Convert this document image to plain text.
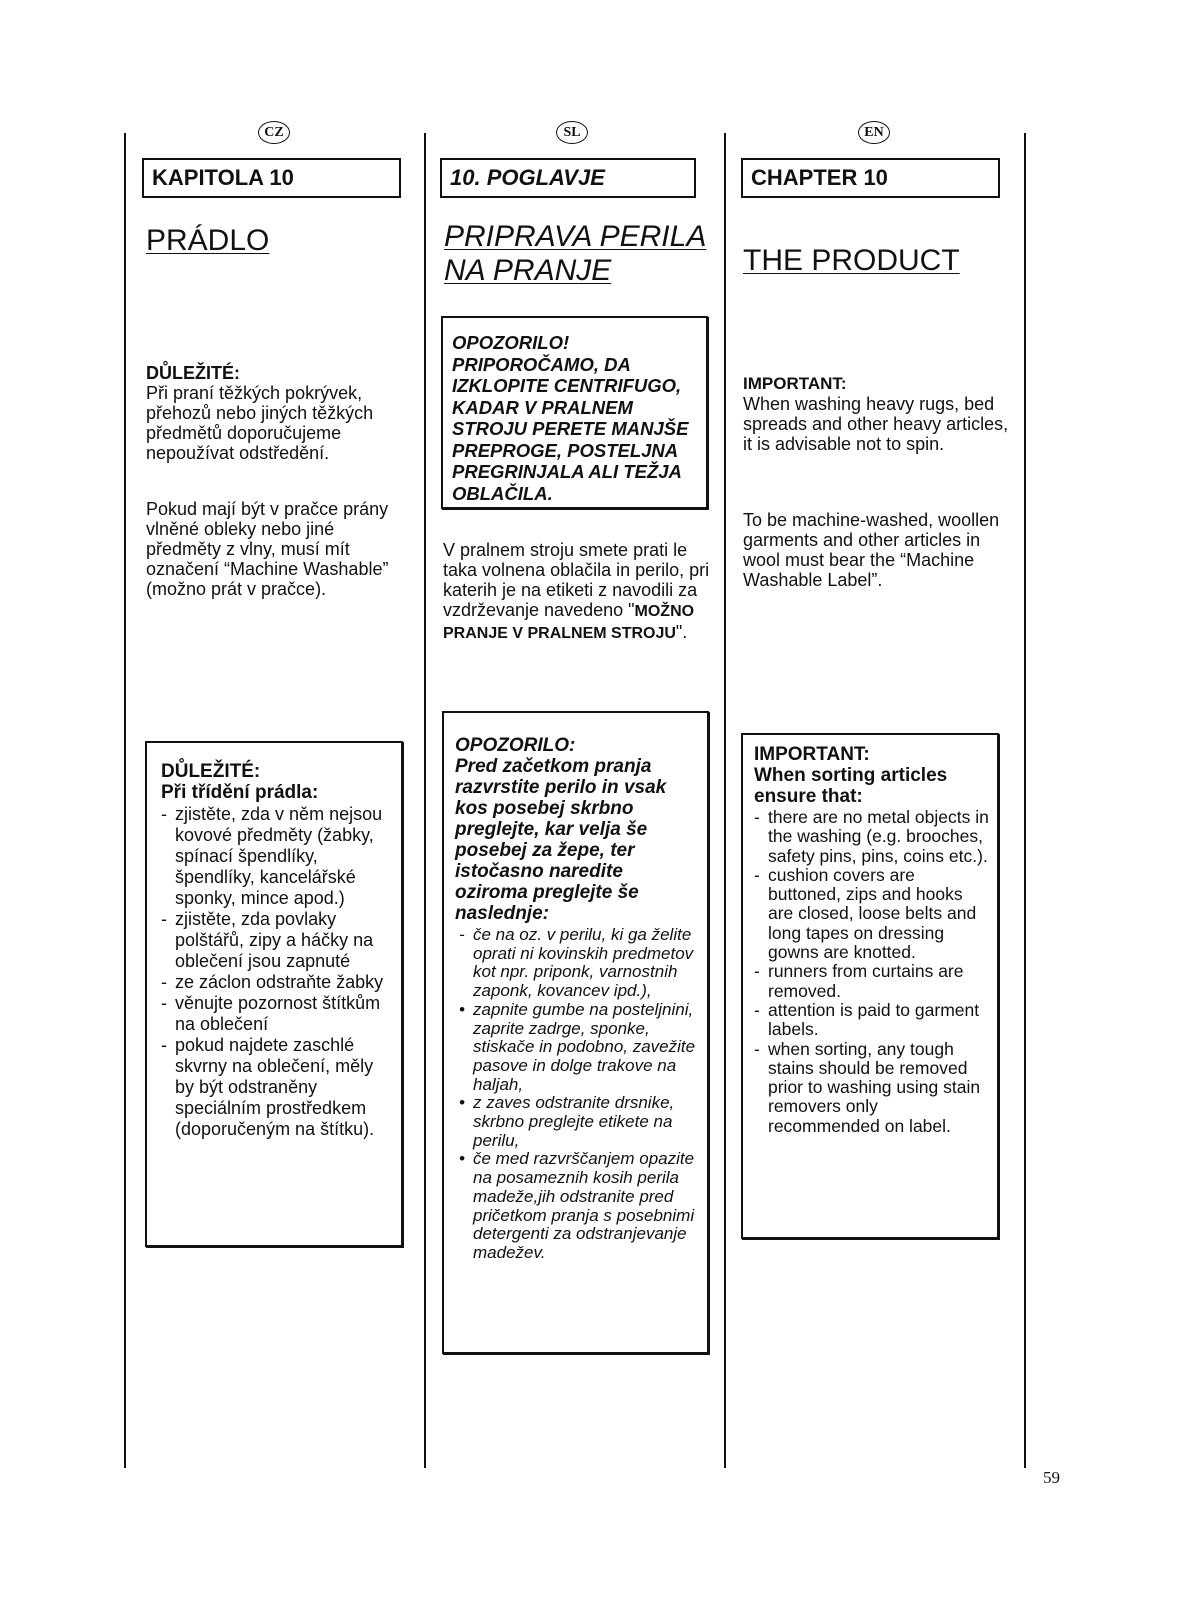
CZ
KAPITOLA 10
PRÁDLO
DŮLEŽITÉ:
Při praní těžkých pokrývek, přehozů nebo jiných těžkých předmětů doporučujeme nepoužívat odstředění.
Pokud mají být v pračce prány vlněné obleky nebo jiné předměty z vlny, musí mít označení “Machine Washable” (možno prát v pračce).
DŮLEŽITÉ:
Při třídění prádla:
- zjistěte, zda v něm nejsou kovové předměty (žabky, spínací špendlíky, špendlíky, kancelářské sponky, mince apod.)
- zjistěte, zda povlaky polštářů, zipy a háčky na oblečení jsou zapnuté
- ze záclon odstraňte žabky
- věnujte pozornost štítkům na oblečení
- pokud najdete zaschlé skvrny na oblečení, měly by být odstraněny speciálním prostředkem (doporučeným na štítku).
SL
10. POGLAVJE
PRIPRAVA PERILA
NA PRANJE
OPOZORILO! PRIPOROČAMO, DA IZKLOPITE CENTRIFUGO, KADAR V PRALNEM STROJU PERETE MANJŠE PREPROGE, POSTELJNA PREGRINJALA ALI TEŽJA OBLAČILA.
V pralnem stroju smete prati le taka volnena oblačila in perilo, pri katerih je na etiketi z navodili za vzdrževanje navedeno "MOŽNO PRANJE V PRALNEM STROJU".
OPOZORILO:
Pred začetkom pranja razvrstite perilo in vsak kos posebej skrbno preglejte, kar velja še posebej za žepe, ter istočasno naredite oziroma preglejte še naslednje:
- če na oz. v perilu, ki ga želite oprati ni kovinskih predmetov kot npr. priponk, varnostnih zaponk, kovancev ipd.),
• zapnite gumbe na posteljnini, zaprite zadrge, sponke, stiskače in podobno, zavežite pasove in dolge trakove na haljah,
• z zaves odstranite drsnike, skrbno preglejte etikete na perilu,
• če med razvrščanjem opazite na posameznih kosih perila madeže,jih odstranite pred pričetkom pranja s posebnimi detergenti za odstranjevanje madežev.
EN
CHAPTER 10
THE PRODUCT
IMPORTANT:
When washing heavy rugs, bed spreads and other heavy articles, it is advisable not to spin.
To be machine-washed, woollen garments and other articles in wool must bear the “Machine Washable Label”.
IMPORTANT:
When sorting articles ensure that:
- there are no metal objects in the washing (e.g. brooches, safety pins, pins, coins etc.).
- cushion covers are buttoned, zips and hooks are closed, loose belts and long tapes on dressing gowns are knotted.
- runners from curtains are removed.
- attention is paid to garment labels.
- when sorting, any tough stains should be removed prior to washing using stain removers only recommended on label.
59
